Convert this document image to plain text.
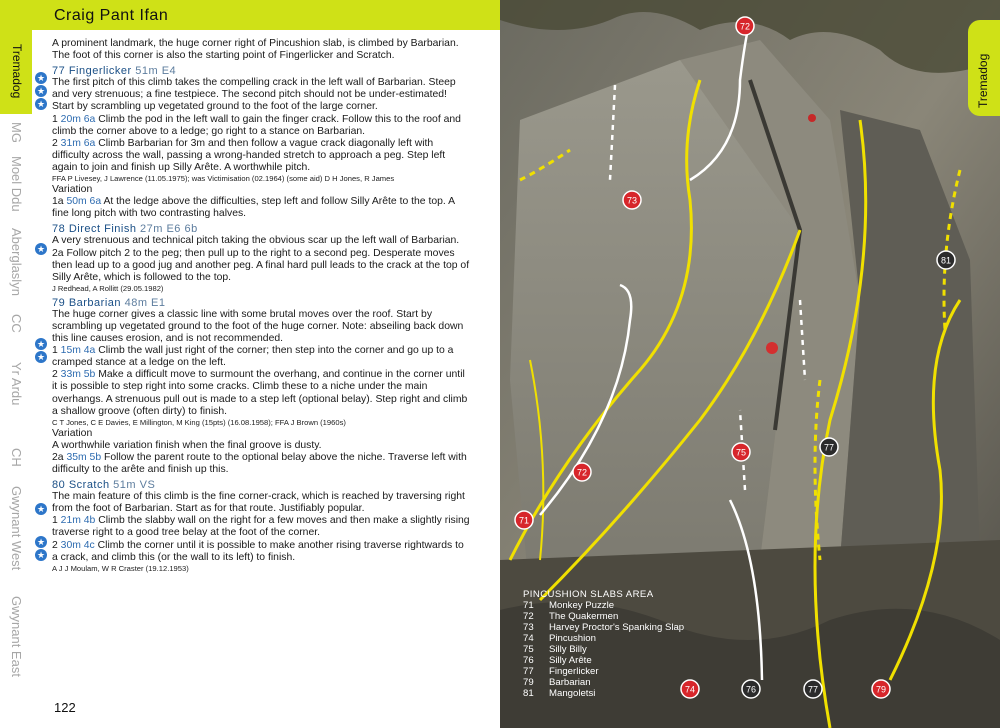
Tremadog
MG
Moel Ddu
Aberglaslyn
CC
Yr Ardu
CH
Gwynant West
Gwynant East
Craig Pant Ifan
★
★
★
★
★
★
★
★
★

A prominent landmark, the huge corner right of Pincushion slab, is climbed by Barbarian. The foot of this corner is also the starting point of Fingerlicker and Scratch.

77 Fingerlicker 51m E4

The first pitch of this climb takes the compelling crack in the left wall of Barbarian. Steep and very strenuous; a fine testpiece. The second pitch should not be under-estimated! Start by scrambling up vegetated ground to the foot of the large corner.

1 20m 6a Climb the pod in the left wall to gain the finger crack. Follow this to the roof and climb the corner above to a ledge; go right to a stance on Barbarian.

2 31m 6a Climb Barbarian for 3m and then follow a vague crack diagonally left with difficulty across the wall, passing a wrong-handed stretch to approach a peg. Step left again to join and finish up Silly Arête. A worthwhile pitch.

FFA P Livesey, J Lawrence (11.05.1975); was Victimisation (02.1964) (some aid) D H Jones, R James

Variation

1a 50m 6a At the ledge above the difficulties, step left and follow Silly Arête to the top. A fine long pitch with two contrasting halves.

78 Direct Finish 27m E6 6b

A very strenuous and technical pitch taking the obvious scar up the left wall of Barbarian.

2a Follow pitch 2 to the peg; then pull up to the right to a second peg. Desperate moves then lead up to a good jug and another peg. A final hard pull leads to the crack at the top of Silly Arête, which is followed to the top.

J Redhead, A Rollitt (29.05.1982)

79 Barbarian 48m E1

The huge corner gives a classic line with some brutal moves over the roof. Start by scrambling up vegetated ground to the foot of the huge corner. Note: abseiling back down this line causes erosion, and is not recommended.

1 15m 4a Climb the wall just right of the corner; then step into the corner and go up to a cramped stance at a ledge on the left.

2 33m 5b Make a difficult move to surmount the overhang, and continue in the corner until it is possible to step right into some cracks. Climb these to a niche under the main overhangs. A strenuous pull out is made to a step left (optional belay). Step right and climb a shallow groove (often dirty) to finish.

C T Jones, C E Davies, E Millington, M King (15pts) (16.08.1958); FFA J Brown (1960s)

Variation

A worthwhile variation finish when the final groove is dusty.

2a 35m 5b Follow the parent route to the optional belay above the niche. Traverse left with difficulty to the arête and finish up this.

80 Scratch 51m VS

The main feature of this climb is the fine corner-crack, which is reached by traversing right from the foot of Barbarian. Start as for that route. Justifiably popular.

1 21m 4b Climb the slabby wall on the right for a few moves and then make a slightly rising traverse right to a good tree belay at the foot of the corner.

2 30m 4c Climb the corner until it is possible to make another rising traverse rightwards to a crack, and climb this (or the wall to its left) to finish.

A J J Moulam, W R Craster (19.12.1953)

122
72
73
81
75	77
72
71
74	76	77	79
Tremadog
PINCUSHION SLABS AREA
71 Monkey Puzzle
72 The Quakermen
73 Harvey Proctor's Spanking Slap
74 Pincushion
75 Silly Billy
76 Silly Arête
77 Fingerlicker
79 Barbarian
81 Mangoletsi
